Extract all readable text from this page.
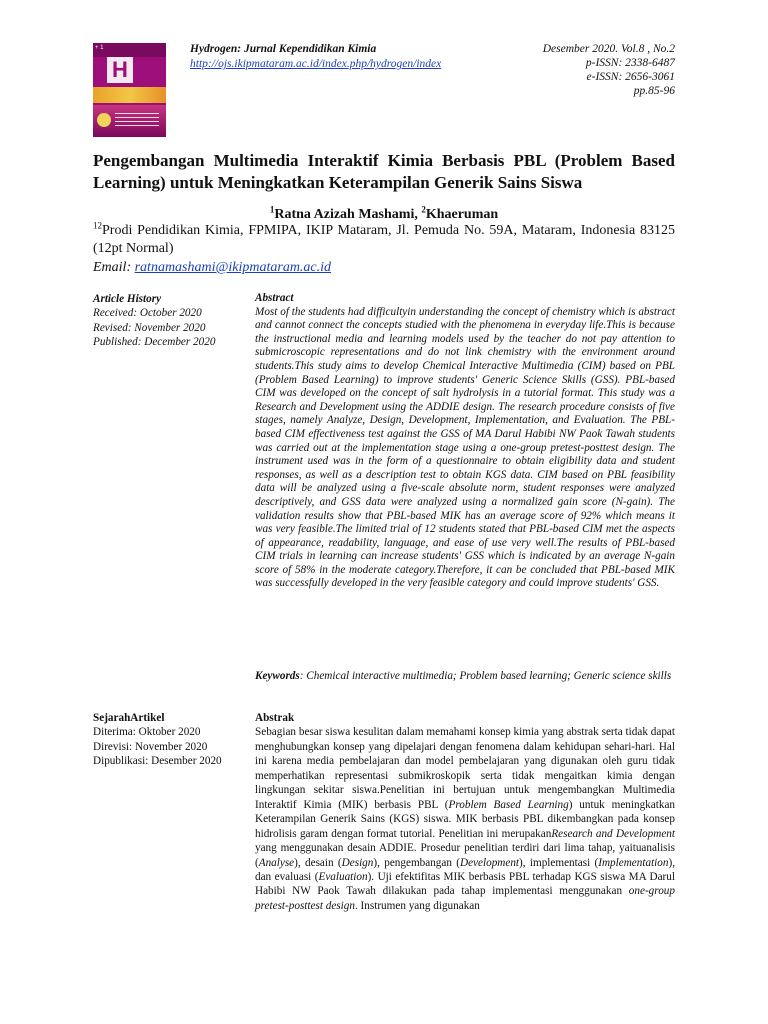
+ 1
H
Hydrogen: Jurnal Kependidikan Kimia
http://ojs.ikipmataram.ac.id/index.php/hydrogen/index
Desember 2020. Vol.8 , No.2
p-ISSN: 2338-6487
e-ISSN: 2656-3061
pp.85-96
Pengembangan Multimedia Interaktif Kimia Berbasis PBL (Problem Based Learning) untuk Meningkatkan Keterampilan Generik Sains Siswa
$^1$Ratna Azizah Mashami, $^2$Khaeruman
$^{12}$Prodi Pendidikan Kimia, FPMIPA, IKIP Mataram, Jl. Pemuda No. 59A, Mataram, Indonesia 83125 (12pt Normal)
Email: ratnamashami@ikipmataram.ac.id
Article History
Received: October 2020
Revised: November 2020
Published: December 2020
Abstract
Most of the students had difficultyin understanding the concept of chemistry which is abstract and cannot connect the concepts studied with the phenomena in everyday life.This is because the instructional media and learning models used by the teacher do not pay attention to submicroscopic representations and do not link chemistry with the environment around students.This study aims to develop Chemical Interactive Multimedia (CIM) based on PBL (Problem Based Learning) to improve students' Generic Science Skills (GSS). PBL-based CIM was developed on the concept of salt hydrolysis in a tutorial format. This study was a Research and Development using the ADDIE design. The research procedure consists of five stages, namely Analyze, Design, Development, Implementation, and Evaluation. The PBL-based CIM effectiveness test against the GSS of MA Darul Habibi NW Paok Tawah students was carried out at the implementation stage using a one-group pretest-posttest design. The instrument used was in the form of a questionnaire to obtain eligibility data and student responses, as well as a description test to obtain KGS data. CIM based on PBL feasibility data will be analyzed using a five-scale absolute norm, student responses were analyzed descriptively, and GSS data were analyzed using a normalized gain score (N-gain). The validation results show that PBL-based MIK has an average score of 92% which means it was very feasible.The limited trial of 12 students stated that PBL-based CIM met the aspects of appearance, readability, language, and ease of use very well.The results of PBL-based CIM trials in learning can increase students' GSS which is indicated by an average N-gain score of 58% in the moderate category.Therefore, it can be concluded that PBL-based MIK was successfully developed in the very feasible category and could improve students' GSS.
Keywords: Chemical interactive multimedia; Problem based learning; Generic science skills
SejarahArtikel
Diterima: Oktober 2020
Direvisi: November 2020
Dipublikasi: Desember 2020
Abstrak
Sebagian besar siswa kesulitan dalam memahami konsep kimia yang abstrak serta tidak dapat menghubungkan konsep yang dipelajari dengan fenomena dalam kehidupan sehari-hari. Hal ini karena media pembelajaran dan model pembelajaran yang digunakan oleh guru tidak memperhatikan representasi submikroskopik serta tidak mengaitkan kimia dengan lingkungan sekitar siswa.Penelitian ini bertujuan untuk mengembangkan Multimedia Interaktif Kimia (MIK) berbasis PBL (Problem Based Learning) untuk meningkatkan Keterampilan Generik Sains (KGS) siswa. MIK berbasis PBL dikembangkan pada konsep hidrolisis garam dengan format tutorial. Penelitian ini merupakanResearch and Development yang menggunakan desain ADDIE. Prosedur penelitian terdiri dari lima tahap, yaituanalisis (Analyse), desain (Design), pengembangan (Development), implementasi (Implementation), dan evaluasi (Evaluation). Uji efektifitas MIK berbasis PBL terhadap KGS siswa MA Darul Habibi NW Paok Tawah dilakukan pada tahap implementasi menggunakan one-group pretest-posttest design. Instrumen yang digunakan
